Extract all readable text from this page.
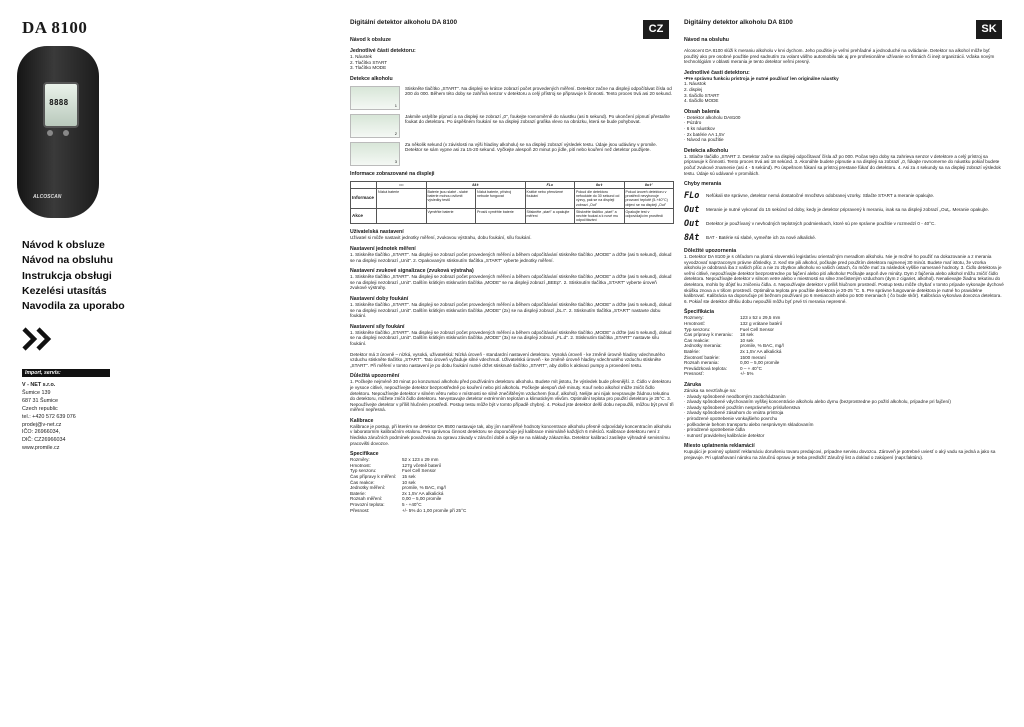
DA 8100
8888
ALCOSCAN
Návod k obsluze
Návod na obsluhu
Instrukcja obsługi
Kezelési utasítás
Navodila za uporabo
Import, servis:
V - NET s.r.o.
Šumice 139
687 31 Šumice
Czech republic
tel.: +420 572 639 076
prodej@v-net.cz
IČO: 26966034,
DIČ: CZ26966034
www.promile.cz
CZ
Digitální detektor alkoholu DA 8100
Návod k obsluze
Jednotlivé části detektoru:
1. Náustek
2. Tlačítko START
3. Tlačítko MODE
Detekce alkoholu
1
Stiskněte tlačítko „START". Na displeji se krátce zobrazí počet provedených měření. Detektor začne na displeji odpočítávat čísla od 200 do 000. Během této doby se zahřívá senzor v detektoru a celý přístroj se připravuje k činnosti. Tento proces trvá asi 20 sekund.
2
Jakmile uslyšíte pípnutí a na displeji se zobrazí „0", foukejte rovnoměrně do náustku (asi 5 sekund). Po ukončení pípnutí přestaňte foukat do detektoru. Po úspěšném foukání se na displeji zobrazí grafika vlevo na obrázku, která se bude pohybovat.
3
Za několik sekund (v závislosti na výši hladiny alkoholu) se na displeji zobrazí výsledek testu. Údaje jsou udávány v promile. Detektor se sám vypne asi za 15-20 sekund. Vyčkejte alespoň 20 minut po jídle, pití nebo kouření než detektor použijete.
Informace zobrazované na displeji
	▭▭	8At		FLo	Out	Out˸
Informace	Nízká baterie	Baterie jsou slabé - slabé baterie mohou ovlivnit výsledky testů	Nízká baterie, přístroj nebude fungovat	Krátké nebo přerušené foukání	Pokud dle detektoru nefoukáte do 30 sekund od výzvy, pak se na displeji zobrazí „Out"	Pokud úroveň detektoru v prostředí nevyhovuje provozní teplotě (5-+40°C) objeví se na displeji „Out"
Akce		Vyměňte baterie	Prosíš vyměňte baterie	Stiskněte „start" a opakujte měření	Stiskněte tlačítko „start" a nechte foukat a k nové mu odpočítávání	Opakujte test v odpovídajícím prostředí
Uživatelská nastavení
Uživatel si může nastavit jednotky měření, zvukovou výstrahu, dobu foukání, sílu foukání.
Nastavení jednotek měření
1. Stiskněte tlačítko „START". Na displeji se zobrazí počet provedených měření a během odpočítávání stiskněte tlačítko „MODE" a držte (asi 5 sekund), dokud se na displeji nezobrazí „Unit". 2. Opakovaným stisknutím tlačítka „START" vyberte jednotky měření.
Nastavení zvukové signalizace (zvuková výstraha)
1. Stiskněte tlačítko „START". Na displeji se zobrazí počet provedených měření a během odpočítávání stiskněte tlačítko „MODE" a držte (asi 5 sekund), dokud se na displeji nezobrazí „Unit". Dalším krátkým stisknutím tlačítka „MODE" se na displeji zobrazí „BEEp". 2. Stisknutím tlačítka „START" vyberte úroveň zvukové výstrahy.
Nastavení doby foukání
1. Stiskněte tlačítko „START". Na displeji se zobrazí počet provedených měření a během odpočítávání stiskněte tlačítko „MODE" a držte (asi 5 sekund), dokud se na displeji nezobrazí „Unit". Dalším krátkým stisknutím tlačítka „MODE" (2x) se na displeji zobrazí „bL.t". 2. Stisknutím tlačítka „START" nastavte dobu foukání.
Nastavení síly foukání
1. Stiskněte tlačítko „START". Na displeji se zobrazí počet provedených měření a během odpočítávání stiskněte tlačítko „MODE" a držte (asi 5 sekund), dokud se na displeji nezobrazí „Unit". Dalším krátkým stisknutím tlačítka „MODE" (3x) se na displeji zobrazí „FL.d". 2. Stisknutím tlačítka „START" nastavte sílu foukání.
Detektor má 3 úrovně – nízká, vysoká, uživatelská: Nízká úroveň - standardní nastavení detektoru. Vysoká úroveň - ke změně úrovně hladiny vdechnutého vzduchu stiskněte tlačítko „START". Tato úroveň vyžaduje silné vdechnutí. Uživatelská úroveň - ke změně úrovně hladiny vdechnutého vzduchu stiskněte „START". Při měření v tomto nastavení je po dobu foukání nutné držet stisknuté tlačítko „START", aby došlo k aktivaci pumpy a provedení testu.
Důležitá upozornění
1. Počkejte nejméně 30 minut po konzumaci alkoholu před používáním detektoru alkoholu. Budete mít jistotu, že výsledek bude přesnější. 2. Čidlo v detektoru je vysoce citlivé, nepoužívejte detektor bezprostředně po kouření nebo pití alkoholu. Počkejte alespoň dvě minuty. Kouř nebo alkohol může zničit čidlo detektoru. Nepoužívejte detektor v silném větru nebo v místnosti se silně znečištěným vzduchem (kouř, alkohol). Nelijte ani nijak nevpravujte žádnou tekutinu do detektoru, můžete zničit čidlo detektoru. Nevystavujte detektor extrémním teplotám a klimatickým vlivům. Optimální teplota pro použití detektoru je 25°C. 3. Nepoužívejte detektor v příliš hlučném prostředí. Postup testu může být v tomto případě chybný. 4. Pokud jste detektor delší dobu nepoužili, můžou být první tři měření nepřesná.
Kalibrace
Kalibrace je postup, při kterém se detektor DA 8500 nastavuje tak, aby jím naměřené hodnoty koncentrace alkoholu přesně odpovídaly koncentracím alkoholu v laboratorním kalibračním etalonu. Pro správnou činnost detektoru se doporučuje její kalibrace minimálně každých 6 měsíců. Kalibrace detektoru není z hlediska záručních podmínek považována za opravu závady v záruční době a děje se na náklady zákazníka. Detektor kalibrací zasílejte výhradně servisnímu pracovišti dovozce.
Specifikace
Rozměry:	52 x 123 x 29 mm
Hmotnost:	127g včetně baterií
Typ senzoru:	Fuel Cell Sensor
Čas přípravy k měření:	15 sek
Čas reakce:	10 sek
Jednotky měření:	promile, % BAC, mg/l
Baterie:	2x 1,5V AA alkalická
Rozsah měření:	0,00 – 5,00 promile
Provozní teplota:	5 - +40°C
Přesnost:	+/- 5% do 1,00 promile při 25°C
SK
Digitálny detektor alkoholu DA 8100
Návod na obsluhu
Alcoscent DA 8100 slúži k meraniu alkoholu v krvi dychom. Jeho použitie je veľmi prehľadné a jednoduché na ovládanie. Detektor na alkohol môže byť použitý ako pre osobné použitie pred sadnutím za volant vášho automobilu tak aj pre profesionálne užívanie vo firmách či inejt organizácii. Vďaka novým technológiám v oblasti merania je tento detektor veľmi presný.
Jednotlivé časti detektoru:
•Pre správnu funkciu prístroja je nutné používať len originálne náustky
1. Náustok
2. displej
3. tlačidlo START
4. tlačidlo MODE
Obsah balenia
· Detektor alkoholu DA8100
· Púzdro
· 6 ks náustkov
· 2x batérie AA 1,5V
· Návod na použitie
Detekcia alkoholu
1. Stlačte tlačidlo „START 2. Detektor začne na displeji odpočítavať čísla až po 000. Počas tejto doby sa zahrieva senzor v detektore a celý prístroj sa pripravuje k činnosti. Tento proces trvá asi 18 sekúnd. 3. Akonáhle budete pípnutie a na displeji sa zobrazí „0, fúkajte rovnomerne do náustku pokiaľ budete počuť zvukové znamenie (asi 4 - 5 sekúnd). Po úspešnom fúkaní sa prístroj prestane fúkať do detektoru. 4. Asi za 4 sekundy sa na displeji zobrazí výsledok testu. Údaje sú udávané v promilách.
Chyby merania
FLo	Nefúkali ste správne, detektor nemá dostatočné množstvo odobranej vzorky. Stlačte START a meranie opakujte.
Out	Meranie je nutné vykonať do 15 sekúnd od doby, kedy je detektor pripravený k meraniu, inak sa na displeji zobrazí „Out„. Meranie opakujte.
Out	Detektor je používaný v nevhodných teplotných podmienkach, ktoré sú pre správne použitie v rozmedzí 0 - 40°C.
8At	BAT - Batérie sú slabé, vymeňte ich za nové alkalické.
Dôležité upozornenia
1. Detektor DA 8100 je s ohľadom na platnú slovenskú legislatívu orientačným meradlom alkoholu. Nie je možné ho použiť na dokazovanie a z merania vyvodzovať naprzaconym právne dôsledky. 2. Keď ste pili alkohol, počkajte pred použitím detektora najmenej 30 minút. Budete mať istotu, že vzorka alkoholu je odobraná iba z vašich pľúc a nie zo zbytkov alkoholu vo vašich ústach, čo môže mať za následok vyššie namerané hodnoty. 3. Čidlo detektora je veľmi citlivé, nepoužívajte detektor bezprostredne po fajčení alebo pití alkoholu! Počkajte aspoň dve minúty. Dym z fajčenia alebo alkohol môžu zničiť čidlo detektora. Nepoužívajte detektor v silnom vetre alebo v miestnosti so silne znečisteným vzduchom (dym z cigariet, alkohol). Nenalievajte žiadnu tekutinu do detektora, mohlo by dôjsť ku zničeniu čidla. 4. Nepoužívajte detektor v príliš hlučnom prostredí. Postup testu môže chybať v tomto prípade vykonajte dychové skúšku znova a v tišom prostredí. Optimálna teplota pre použitie detektora je 20-25 °C. 5. Pre správne fungovanie detektora je nutné ho pravidelne kalibrovať. Kalibrácia sa doporučuje pri bežnom používaní po 6 mesiacoch alebo po 500 meraniach ( čo bude skôr). Kalibrácia vykonáva dovozca detektora. 6. Pokiaľ ste detektor dlhšiu dobu nepoužili môžu byť prvé tri merania nepresné.
Špecifikácia
Rozmery:	123 x 52 x 29,5 mm
Hmotnosť:	132 g vrátane batérií
Typ senzoru:	Fuel Cell Sensor
Čas prípravy k meraniu:	18 sek
Čas reakcie:	10 sek
Jednotky merania:	promile, % BAC, mg/l
Batérie:	2x 1,5V AA alkalická
Životnosť batérie:	1500 meraní
Rozsah merania:	0,00 – 5,00 promile
Prevádzková teplota:	0 – + 40°C
Presnosť:	+/- 5%
Záruka
Záruka sa nevzťahuje na:
· závady spôsobené neodborným zaobchádzaním
· závady spôsobené vdychovaním vyššej koncentrácie alkoholu alebo dymu (bezprostredne po požití alkoholu, prípadne pri fajčení)
· závady spôsobené použitím nesprávneho príslušenstva
· závady spôsobené zásahom do vnútra prístroja
· prirodzené opotrebenie vonkajšieho povrchu
· poškodenie behom transportu alebo nesprávnym skladovaním
· prirodzené opotrebenie čidla
· nutnosť pravidelnej kalibrácie detektor
Miesto uplatnenia reklamácií
Kupujúci je povinný uplatniť reklamáciu dorušeniu tovaru predajcovi, prípadne servisu dovozcu. Zároveň je potrebné uviesť o aký vadu sa jedná a jako sa prejavuje. Pri uplatňovaní nároku na záručnú opravu je treba predložiť Záručný list a doklad o zakúpení (napr.faktúru).
